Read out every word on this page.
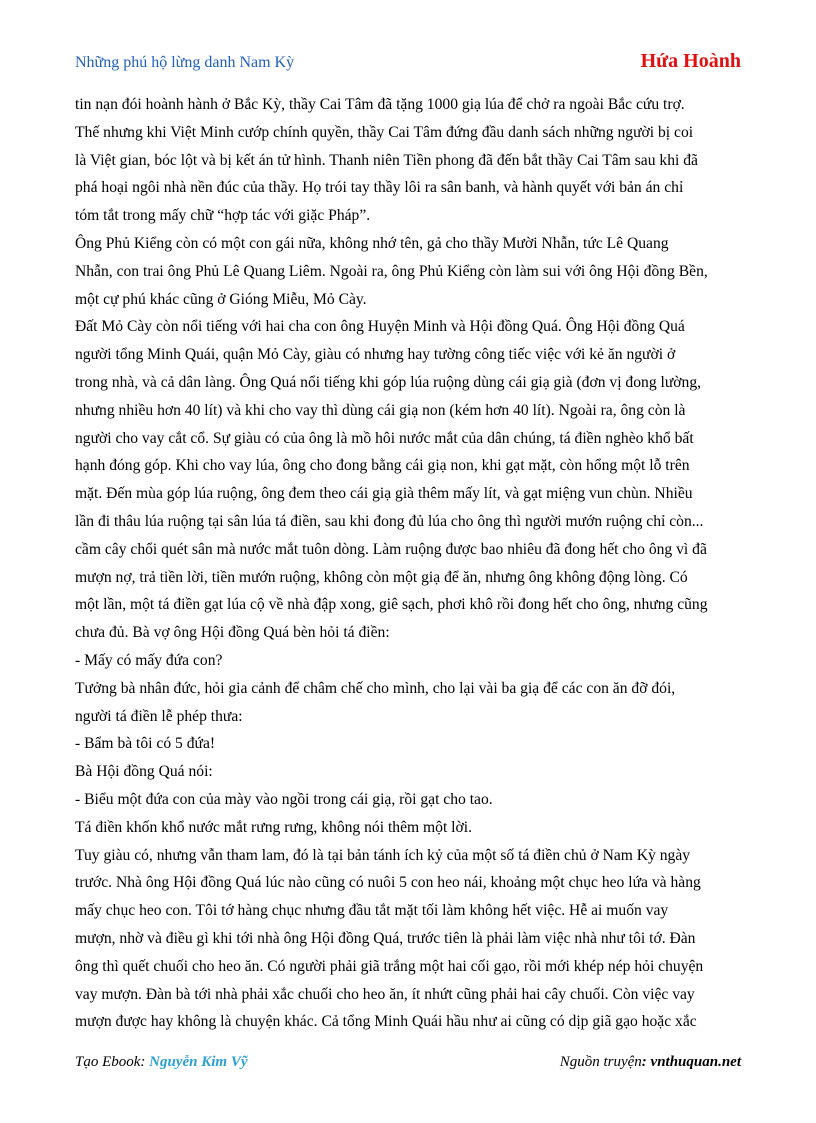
Những phú hộ lừng danh Nam Kỳ	Hứa Hoành

tin nạn đói hoành hành ở Bắc Kỳ, thầy Cai Tâm đã tặng 1000 giạ lúa để chở ra ngoài Bắc cứu trợ.

Thế nhưng khi Việt Minh cướp chính quyền, thầy Cai Tâm đứng đầu danh sách những người bị coi

là Việt gian, bóc lột và bị kết án tử hình. Thanh niên Tiền phong đã đến bắt thầy Cai Tâm sau khi đã

phá hoại ngôi nhà nền đúc của thầy. Họ trói tay thầy lôi ra sân banh, và hành quyết với bản án chỉ

tóm tắt trong mấy chữ “hợp tác với giặc Pháp”.

Ông Phủ Kiểng còn có một con gái nữa, không nhớ tên, gả cho thầy Mười Nhẫn, tức Lê Quang

Nhẫn, con trai ông Phủ Lê Quang Liêm. Ngoài ra, ông Phủ Kiểng còn làm sui với ông Hội đồng Bền,

một cự phú khác cũng ở Gióng Miễu, Mỏ Cày.

Đất Mỏ Cày còn nổi tiếng với hai cha con ông Huyện Minh và Hội đồng Quá. Ông Hội đồng Quá

người tổng Minh Quái, quận Mỏ Cày, giàu có nhưng hay tường công tiếc việc với kẻ ăn người ở

trong nhà, và cả dân làng. Ông Quá nổi tiếng khi góp lúa ruộng dùng cái giạ già (đơn vị đong lường,

nhưng nhiều hơn 40 lít) và khi cho vay thì dùng cái giạ non (kém hơn 40 lít). Ngoài ra, ông còn là

người cho vay cắt cổ. Sự giàu có của ông là mồ hôi nước mắt của dân chúng, tá điền nghèo khổ bất

hạnh đóng góp. Khi cho vay lúa, ông cho đong bằng cái giạ non, khi gạt mặt, còn hổng một lỗ trên

mặt. Đến mùa góp lúa ruộng, ông đem theo cái giạ già thêm mấy lít, và gạt miệng vun chùn. Nhiều

lần đi thâu lúa ruộng tại sân lúa tá điền, sau khi đong đủ lúa cho ông thì người mướn ruộng chỉ còn...

cầm cây chổi quét sân mà nước mắt tuôn dòng. Làm ruộng được bao nhiêu đã đong hết cho ông vì đã

mượn nợ, trả tiền lời, tiền mướn ruộng, không còn một giạ để ăn, nhưng ông không động lòng. Có

một lần, một tá điền gạt lúa cộ về nhà đập xong, giê sạch, phơi khô rồi đong hết cho ông, nhưng cũng

chưa đủ. Bà vợ ông Hội đồng Quá bèn hỏi tá điền:

- Mấy có mấy đứa con?

Tưởng bà nhân đức, hỏi gia cảnh để châm chế cho mình, cho lại vài ba giạ để các con ăn đỡ đói,

người tá điền lễ phép thưa:

- Bẩm bà tôi có 5 đứa!

Bà Hội đồng Quá nói:

- Biểu một đứa con của mày vào ngồi trong cái giạ, rồi gạt cho tao.

Tá điền khốn khổ nước mắt rưng rưng, không nói thêm một lời.

Tuy giàu có, nhưng vẫn tham lam, đó là tại bản tánh ích kỷ của một số tá điền chủ ở Nam Kỳ ngày

trước. Nhà ông Hội đồng Quá lúc nào cũng có nuôi 5 con heo nái, khoảng một chục heo lứa và hàng

mấy chục heo con. Tôi tớ hàng chục nhưng đầu tắt mặt tối làm không hết việc. Hễ ai muốn vay

mượn, nhờ và điều gì khi tới nhà ông Hội đồng Quá, trước tiên là phải làm việc nhà như tôi tớ. Đàn

ông thì quết chuối cho heo ăn. Có người phải giã trắng một hai cối gạo, rồi mới khép nép hỏi chuyện

vay mượn. Đàn bà tới nhà phải xắc chuối cho heo ăn, ít nhứt cũng phải hai cây chuối. Còn việc vay

mượn được hay không là chuyện khác. Cả tổng Minh Quái hầu như ai cũng có dịp giã gạo hoặc xắc

Tạo Ebook: Nguyễn Kim Vỹ	Nguồn truyện: vnthuquan.net
